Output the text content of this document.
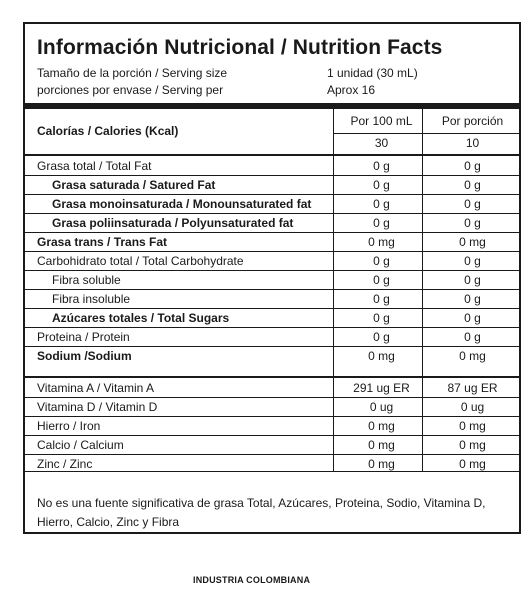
Información Nutricional / Nutrition Facts
Tamaño de la porción / Serving size	1 unidad (30 mL)
porciones por envase / Serving per	Aprox 16
Calorías / Calories (Kcal)
Por 100 mL	Por porción
30	10
Grasa total / Total Fat	0 g	0 g
Grasa saturada / Satured Fat	0 g	0 g
Grasa monoinsaturada / Monounsaturated fat	0 g	0 g
Grasa poliinsaturada / Polyunsaturated fat	0 g	0 g
Grasa trans / Trans Fat	0 mg	0 mg
Carbohidrato total / Total Carbohydrate	0 g	0 g
Fibra soluble	0 g	0 g
Fibra insoluble	0 g	0 g
Azúcares totales / Total Sugars	0 g	0 g
Proteina / Protein	0 g	0 g
Sodium /Sodium	0 mg	0 mg
Vitamina A / Vitamin A	291 ug ER	87 ug ER
Vitamina D / Vitamin D	0 ug	0 ug
Hierro / Iron	0 mg	0 mg
Calcio / Calcium	0 mg	0 mg
Zinc / Zinc	0 mg	0 mg
No es una fuente significativa de grasa Total, Azúcares, Proteina, Sodio, Vitamina D, Hierro, Calcio, Zinc y Fibra
INDUSTRIA COLOMBIANA
